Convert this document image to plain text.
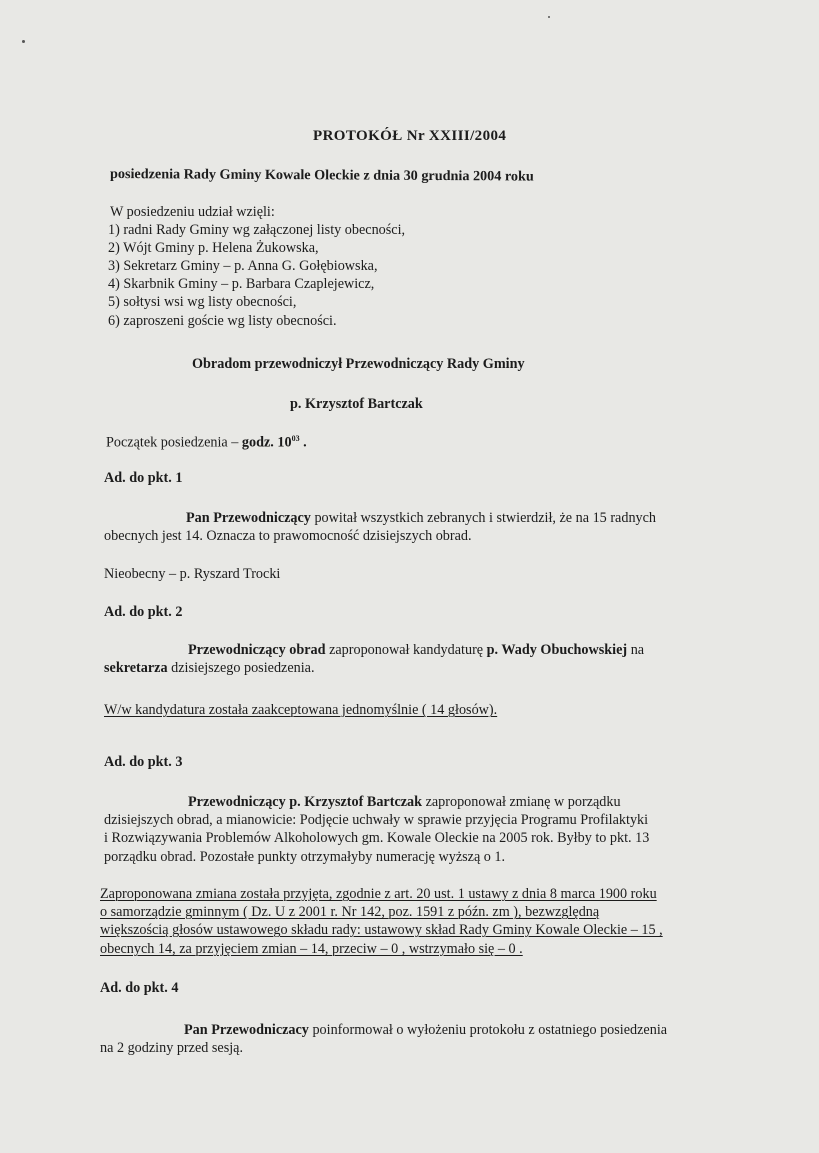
PROTOKÓŁ Nr XXIII/2004
posiedzenia Rady Gminy Kowale Oleckie z dnia 30 grudnia 2004 roku
W posiedzeniu udział wzięli:
1) radni Rady Gminy wg załączonej listy obecności,
2) Wójt Gminy p. Helena Żukowska,
3) Sekretarz Gminy – p. Anna G. Gołębiowska,
4) Skarbnik Gminy – p. Barbara Czaplejewicz,
5) sołtysi wsi wg listy obecności,
6) zaproszeni goście wg listy obecności.
Obradom przewodniczył Przewodniczący Rady Gminy
p. Krzysztof Bartczak
Początek posiedzenia – godz. $10^{03}$ .
Ad. do pkt. 1
Pan Przewodniczący powitał wszystkich zebranych i stwierdził, że na 15 radnych
obecnych jest 14. Oznacza to prawomocność dzisiejszych obrad.
Nieobecny – p. Ryszard Trocki
Ad. do pkt. 2
Przewodniczący obrad zaproponował kandydaturę p. Wady Obuchowskiej na
sekretarza dzisiejszego posiedzenia.
W/w kandydatura została zaakceptowana jednomyślnie ( 14 głosów).
Ad. do pkt. 3
Przewodniczący p. Krzysztof Bartczak zaproponował zmianę w porządku
dzisiejszych obrad, a mianowicie: Podjęcie uchwały w sprawie przyjęcia Programu Profilaktyki
i Rozwiązywania Problemów Alkoholowych gm. Kowale Oleckie na 2005 rok. Byłby to pkt. 13
porządku obrad. Pozostałe punkty otrzymałyby numerację wyższą o 1.
Zaproponowana zmiana została przyjęta, zgodnie z art. 20 ust. 1 ustawy z dnia 8 marca 1900 roku
o samorządzie gminnym ( Dz. U z 2001 r. Nr 142, poz. 1591 z późn. zm ), bezwzględną
większością głosów ustawowego składu rady: ustawowy skład Rady Gminy Kowale Oleckie – 15 ,
obecnych 14, za przyjęciem zmian – 14, przeciw – 0 , wstrzymało się – 0 .
Ad. do pkt. 4
Pan Przewodniczacy poinformował o wyłożeniu protokołu z ostatniego posiedzenia
na 2 godziny przed sesją.
